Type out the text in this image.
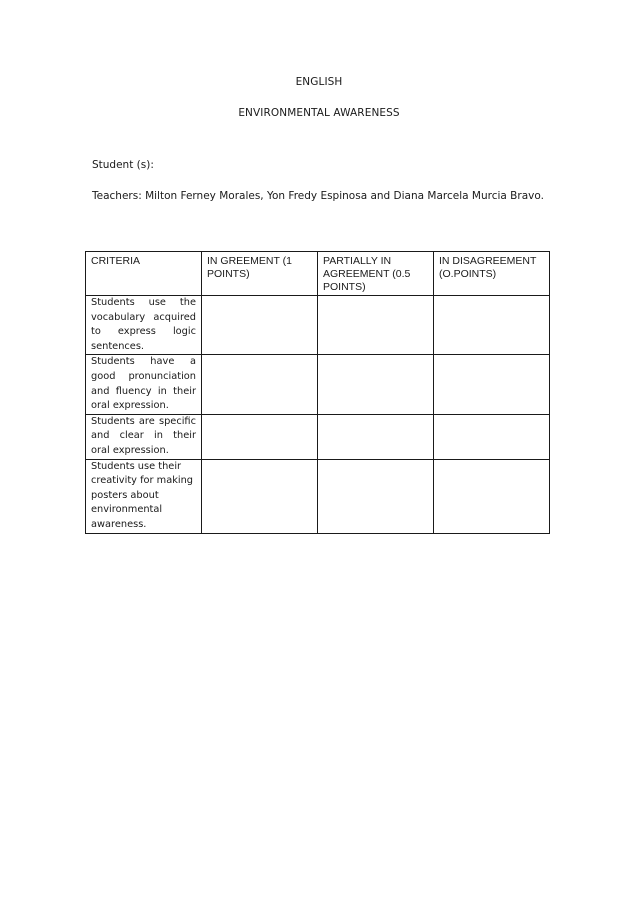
ENGLISH
ENVIRONMENTAL AWARENESS
Student (s):
Teachers: Milton Ferney Morales, Yon Fredy Espinosa and Diana Marcela Murcia Bravo.
CRITERIA	IN GREEMENT (1 POINTS)	PARTIALLY IN AGREEMENT (0.5 POINTS)	IN DISAGREEMENT (O.POINTS)
Students use the vocabulary acquired to express logic sentences.			
Students have a good pronunciation and fluency in their oral expression.			
Students are specific and clear in their oral expression.			
Students use their creativity for making posters about environmental awareness.			
